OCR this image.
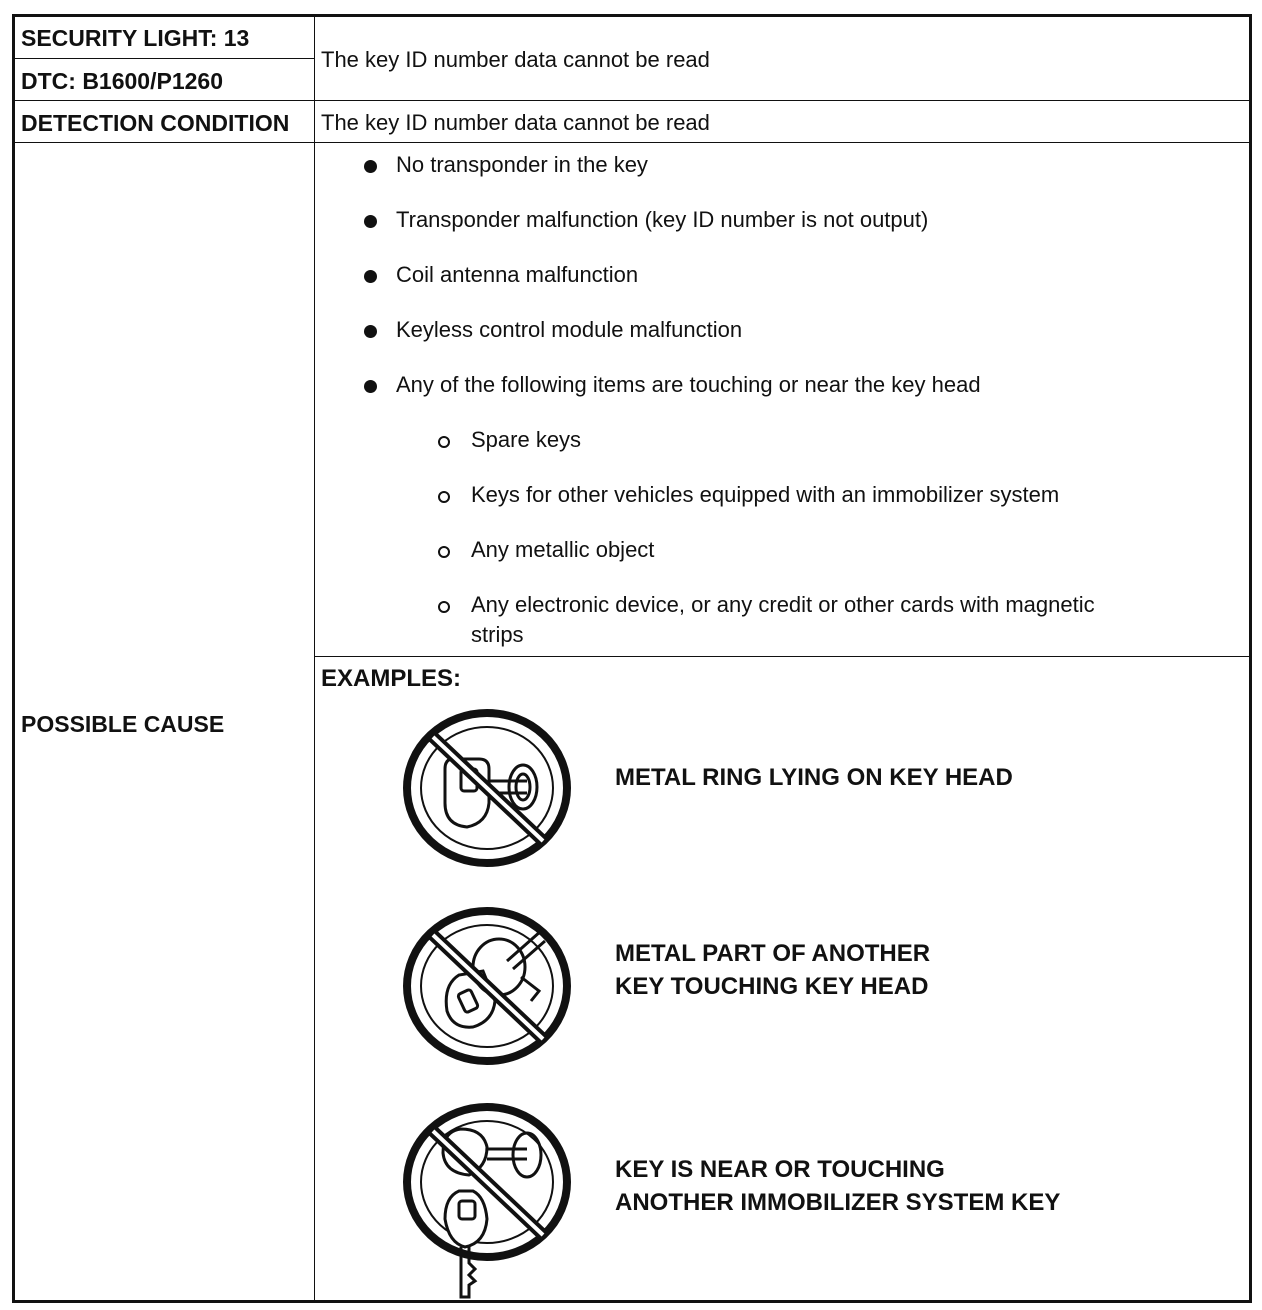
SECURITY LIGHT: 13
DTC: B1600/P1260
DETECTION CONDITION
POSSIBLE CAUSE
The key ID number data cannot be read
The key ID number data cannot be read
No transponder in the key
Transponder malfunction (key ID number is not output)
Coil antenna malfunction
Keyless control module malfunction
Any of the following items are touching or near the key head
Spare keys
Keys for other vehicles equipped with an immobilizer system
Any metallic object
Any electronic device, or any credit or other cards with magnetic
strips
EXAMPLES:
METAL RING LYING ON KEY HEAD
METAL PART OF ANOTHER
KEY TOUCHING KEY HEAD
KEY IS NEAR OR TOUCHING
ANOTHER IMMOBILIZER SYSTEM KEY
